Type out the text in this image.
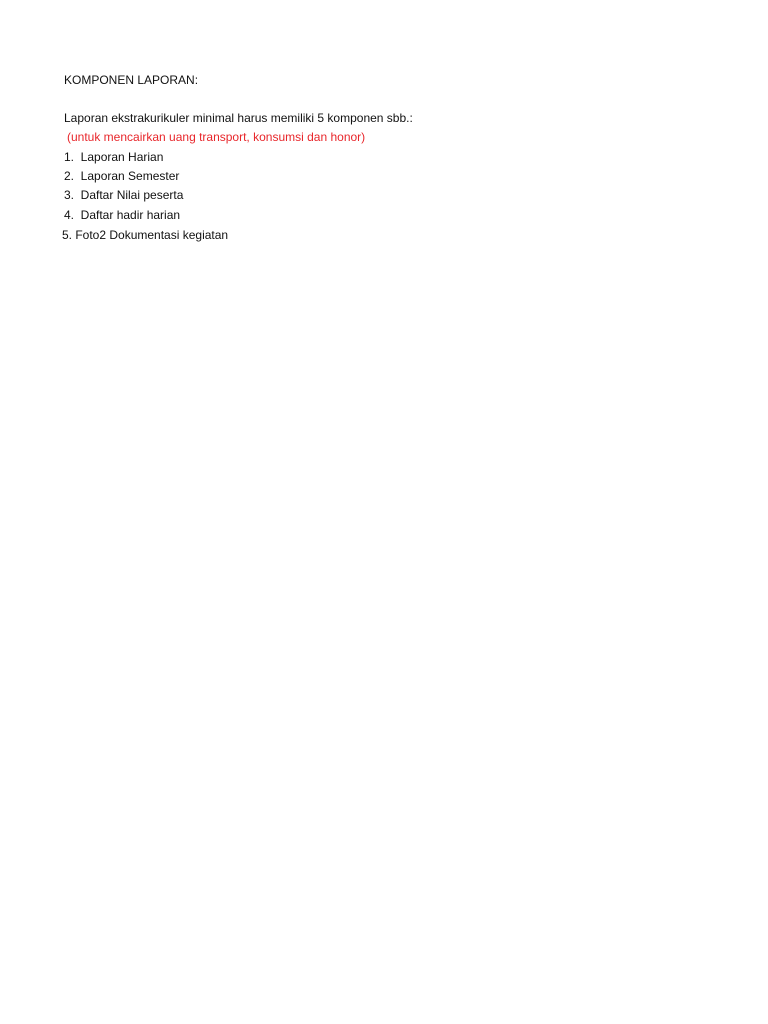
KOMPONEN LAPORAN:
Laporan ekstrakurikuler minimal harus memiliki 5 komponen sbb.:
(untuk mencairkan uang transport, konsumsi dan honor)
1.  Laporan Harian
2.  Laporan Semester
3.  Daftar Nilai peserta
4.  Daftar hadir harian
5. Foto2 Dokumentasi kegiatan
